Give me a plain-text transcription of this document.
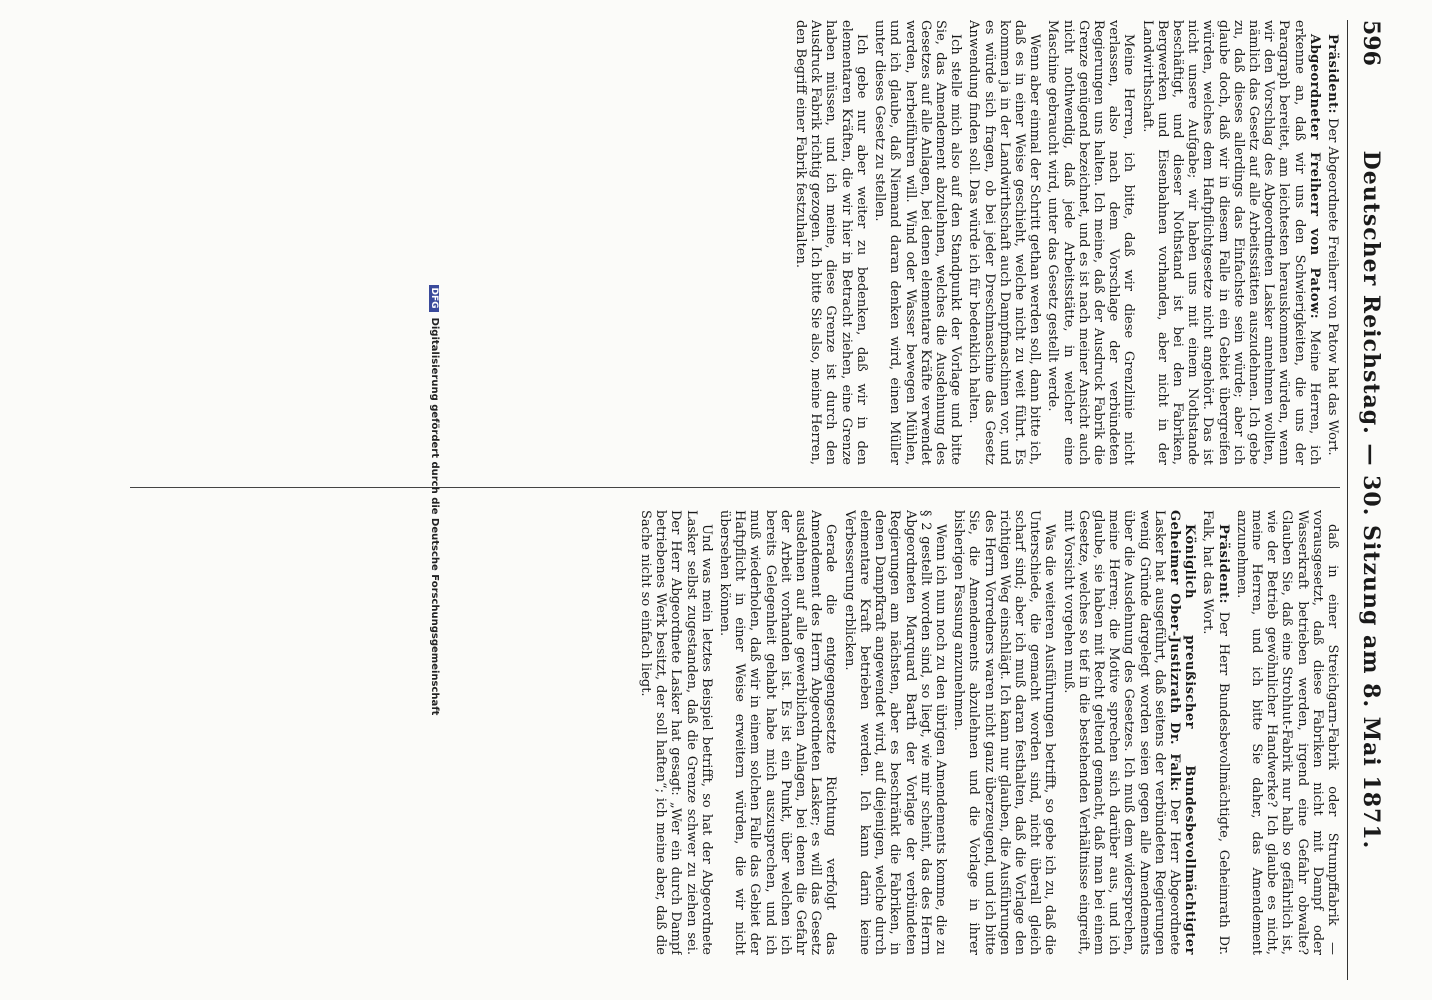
596
Deutscher Reichstag. — 30. Sitzung am 8. Mai 1871.

Präsident: Der Abgeordnete Freiherr von Patow hat das Wort.

Abgeordneter Freiherr von Patow: Meine Herren, ich erkenne an, daß wir uns den Schwierigkeiten, die uns der Paragraph bereitet, am leichtesten herauskommen würden, wenn wir den Vorschlag des Abgeordneten Lasker annehmen wollten, nämlich das Gesetz auf alle Arbeitsstätten auszudehnen. Ich gebe zu, daß dieses allerdings das Einfachste sein würde; aber ich glaube doch, daß wir in diesem Falle in ein Gebiet übergreifen würden, welches dem Haftpflichtgesetze nicht angehört. Das ist nicht unsere Aufgabe; wir haben uns mit einem Nothstande beschäftigt, und dieser Nothstand ist bei den Fabriken, Bergwerken und Eisenbahnen vorhanden, aber nicht in der Landwirthschaft.

Meine Herren, ich bitte, daß wir diese Grenzlinie nicht verlassen, also nach dem Vorschlage der verbündeten Regierungen uns halten. Ich meine, daß der Ausdruck Fabrik die Grenze genügend bezeichnet, und es ist nach meiner Ansicht auch nicht nothwendig, daß jede Arbeitsstätte, in welcher eine Maschine gebraucht wird, unter das Gesetz gestellt werde.

Wenn aber einmal der Schritt gethan werden soll, dann bitte ich, daß es in einer Weise geschieht, welche nicht zu weit führt. Es kommen ja in der Landwirthschaft auch Dampfmaschinen vor, und es würde sich fragen, ob bei jeder Dreschmaschine das Gesetz Anwendung finden soll. Das würde ich für bedenklich halten.

Ich stelle mich also auf den Standpunkt der Vorlage und bitte Sie, das Amendement abzulehnen, welches die Ausdehnung des Gesetzes auf alle Anlagen, bei denen elementare Kräfte verwendet werden, herbeiführen will. Wind oder Wasser bewegen Mühlen, und ich glaube, daß Niemand daran denken wird, einen Müller unter dieses Gesetz zu stellen.

Ich gebe nur aber weiter zu bedenken, daß wir in den elementaren Kräften, die wir hier in Betracht ziehen, eine Grenze haben müssen, und ich meine, diese Grenze ist durch den Ausdruck Fabrik richtig gezogen. Ich bitte Sie also, meine Herren, den Begriff einer Fabrik festzuhalten.

daß in einer Streichgarn-Fabrik oder Strumpffabrik — vorausgesetzt, daß diese Fabriken nicht mit Dampf oder Wasserkraft betrieben werden, irgend eine Gefahr obwalte? Glauben Sie, daß eine Strohhut-Fabrik nur halb so gefährlich ist, wie der Betrieb gewöhnlicher Handwerke? Ich glaube es nicht, meine Herren, und ich bitte Sie daher, das Amendement anzunehmen.

Präsident: Der Herr Bundesbevollmächtigte, Geheimrath Dr. Falk, hat das Wort.

Königlich preußischer Bundesbevollmächtigter Geheimer Ober-Justizrath Dr. Falk: Der Herr Abgeordnete Lasker hat ausgeführt, daß seitens der verbündeten Regierungen wenig Gründe dargelegt worden seien gegen alle Amendements über die Ausdehnung des Gesetzes. Ich muß dem widersprechen, meine Herren; die Motive sprechen sich darüber aus, und ich glaube, sie haben mit Recht geltend gemacht, daß man bei einem Gesetze, welches so tief in die bestehenden Verhältnisse eingreift, mit Vorsicht vorgehen muß.

Was die weiteren Ausführungen betrifft, so gebe ich zu, daß die Unterschiede, die gemacht worden sind, nicht überall gleich scharf sind; aber ich muß daran festhalten, daß die Vorlage den richtigen Weg einschlägt. Ich kann nur glauben, die Ausführungen des Herrn Vorredners waren nicht ganz überzeugend, und ich bitte Sie, die Amendements abzulehnen und die Vorlage in ihrer bisherigen Fassung anzunehmen.

Wenn ich nun noch zu den übrigen Amendements komme, die zu § 2 gestellt worden sind, so liegt, wie mir scheint, das des Herrn Abgeordneten Marquard Barth der Vorlage der verbündeten Regierungen am nächsten, aber es beschränkt die Fabriken, in denen Dampfkraft angewendet wird, auf diejenigen, welche durch elementare Kraft betrieben werden. Ich kann darin keine Verbesserung erblicken.

Gerade die entgegengesetzte Richtung verfolgt das Amendement des Herrn Abgeordneten Lasker; es will das Gesetz ausdehnen auf alle gewerblichen Anlagen, bei denen die Gefahr der Arbeit vorhanden ist. Es ist ein Punkt, über welchen ich bereits Gelegenheit gehabt habe mich auszusprechen, und ich muß wiederholen, daß wir in einem solchen Falle das Gebiet der Haftpflicht in einer Weise erweitern würden, die wir nicht übersehen können.

Und was mein letztes Beispiel betrifft, so hat der Abgeordnete Lasker selbst zugestanden, daß die Grenze schwer zu ziehen sei. Der Herr Abgeordnete Lasker hat gesagt: „Wer ein durch Dampf betriebenes Werk besitzt, der soll haften“; ich meine aber, daß die Sache nicht so einfach liegt.

DFGDigitalisierung gefördert durch die Deutsche Forschungsgemeinschaft
